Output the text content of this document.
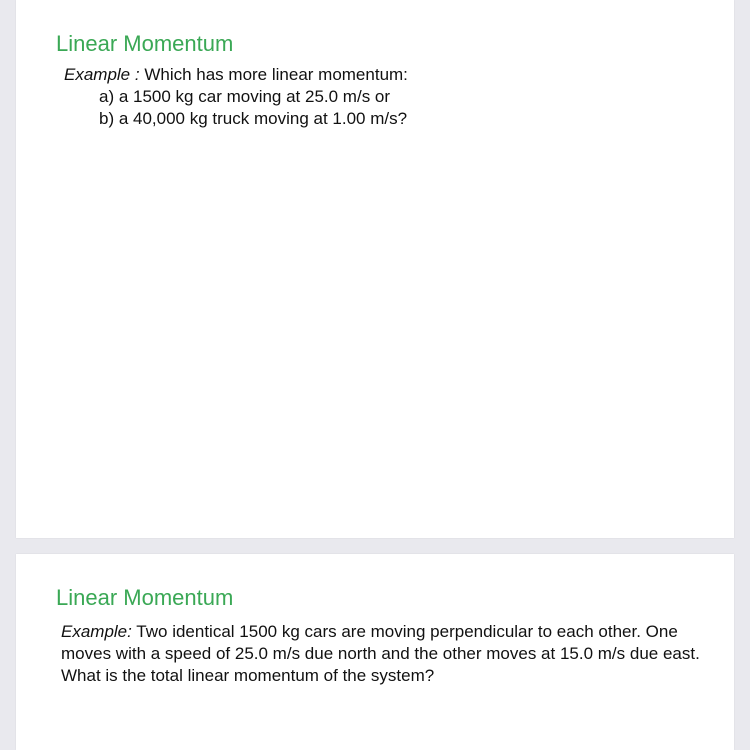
Linear Momentum
Example : Which has more linear momentum:
a) a 1500 kg car moving at 25.0 m/s or
b) a 40,000 kg truck moving at 1.00 m/s?
Linear Momentum
Example: Two identical 1500 kg cars are moving perpendicular to each other. One moves with a speed of 25.0 m/s due north and the other moves at 15.0 m/s due east. What is the total linear momentum of the system?
